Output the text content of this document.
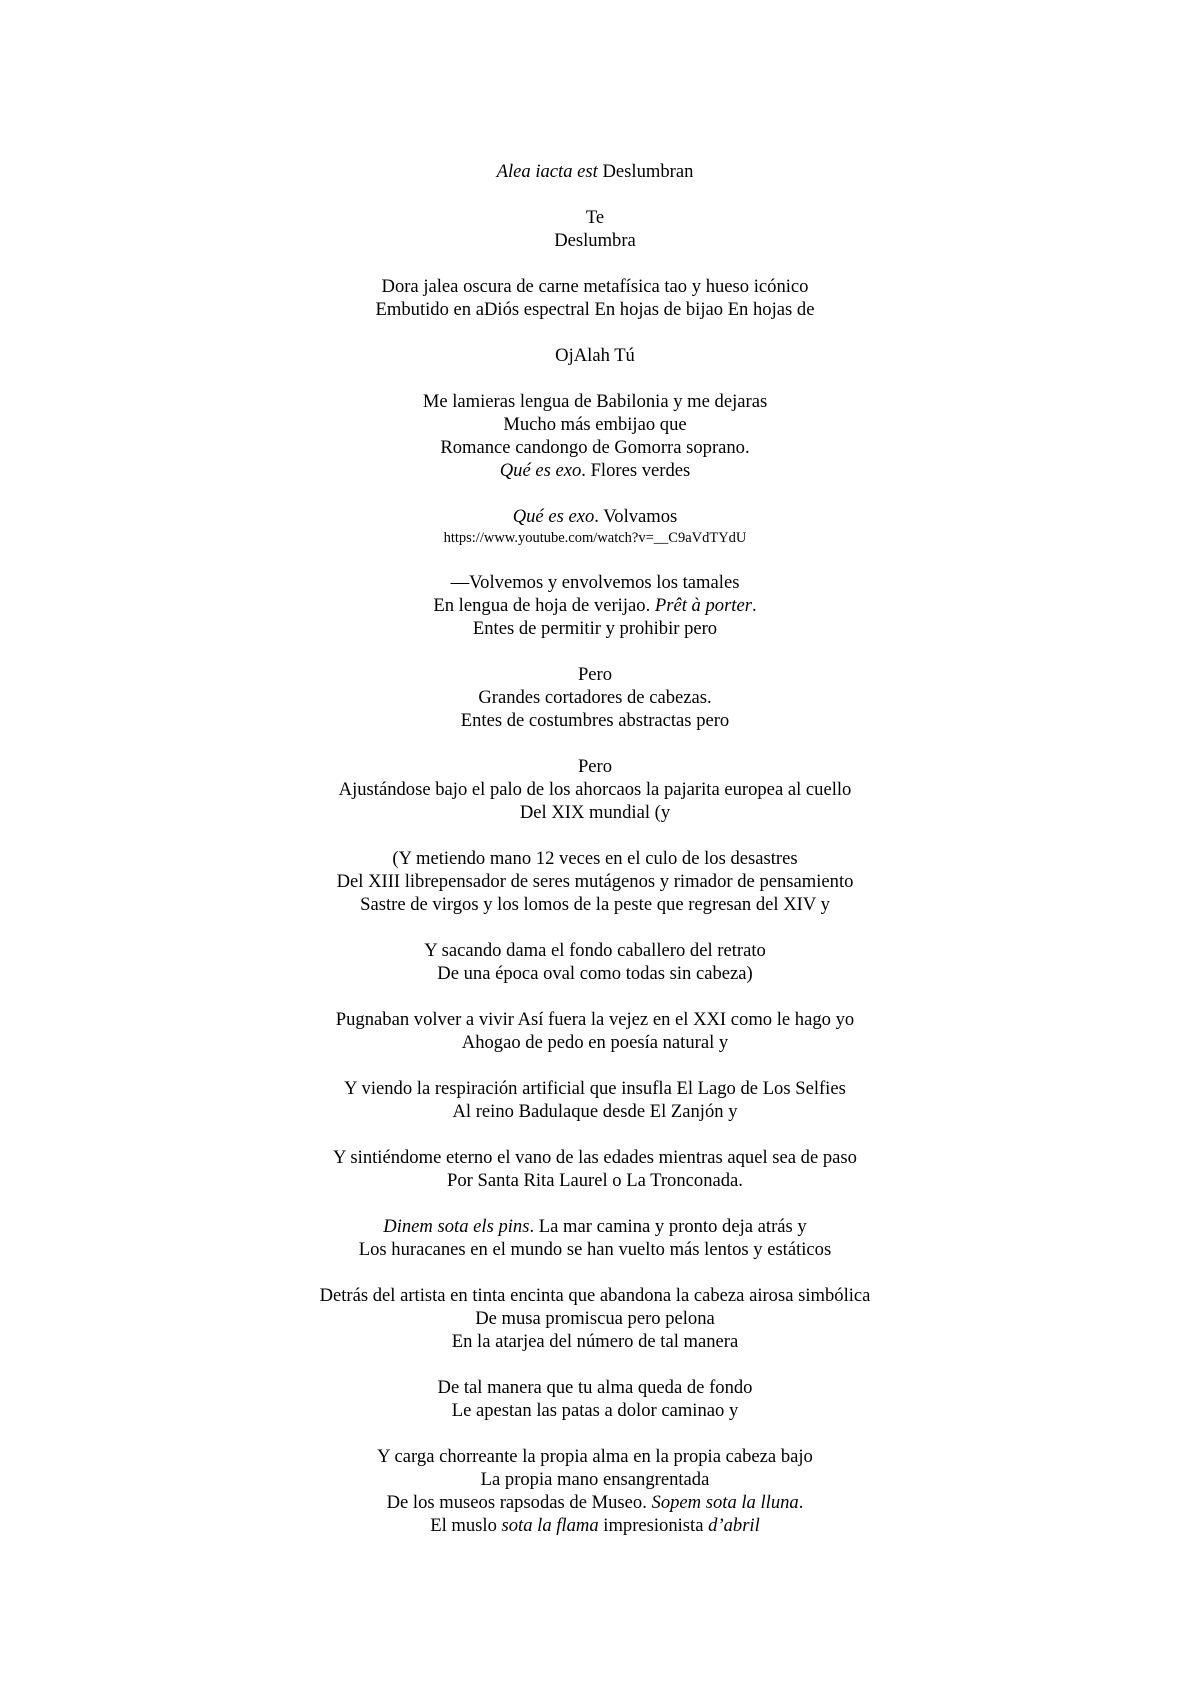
Alea iacta est Deslumbran
Te
Deslumbra
Dora jalea oscura de carne metafísica tao y hueso icónico
Embutido en aDiós espectral En hojas de bijao En hojas de
OjAlah Tú
Me lamieras lengua de Babilonia y me dejaras
Mucho más embijao que
Romance candongo de Gomorra soprano.
Qué es exo. Flores verdes
Qué es exo. Volvamos
https://www.youtube.com/watch?v=__C9aVdTYdU
—Volvemos y envolvemos los tamales
En lengua de hoja de verijao. Prêt à porter.
Entes de permitir y prohibir pero
Pero
Grandes cortadores de cabezas.
Entes de costumbres abstractas pero
Pero
Ajustándose bajo el palo de los ahorcaos la pajarita europea al cuello
Del XIX mundial (y
(Y metiendo mano 12 veces en el culo de los desastres
Del XIII librepensador de seres mutágenos y rimador de pensamiento
Sastre de virgos y los lomos de la peste que regresan del XIV y
Y sacando dama el fondo caballero del retrato
De una época oval como todas sin cabeza)
Pugnaban volver a vivir Así fuera la vejez en el XXI como le hago yo
Ahogao de pedo en poesía natural y
Y viendo la respiración artificial que insufla El Lago de Los Selfies
Al reino Badulaque desde El Zanjón y
Y sintiéndome eterno el vano de las edades mientras aquel sea de paso
Por Santa Rita Laurel o La Tronconada.
Dinem sota els pins. La mar camina y pronto deja atrás y
Los huracanes en el mundo se han vuelto más lentos y estáticos
Detrás del artista en tinta encinta que abandona la cabeza airosa simbólica
De musa promiscua pero pelona
En la atarjea del número de tal manera
De tal manera que tu alma queda de fondo
Le apestan las patas a dolor caminao y
Y carga chorreante la propia alma en la propia cabeza bajo
La propia mano ensangrentada
De los museos rapsodas de Museo. Sopem sota la lluna.
El muslo sota la flama impresionista d’abril
